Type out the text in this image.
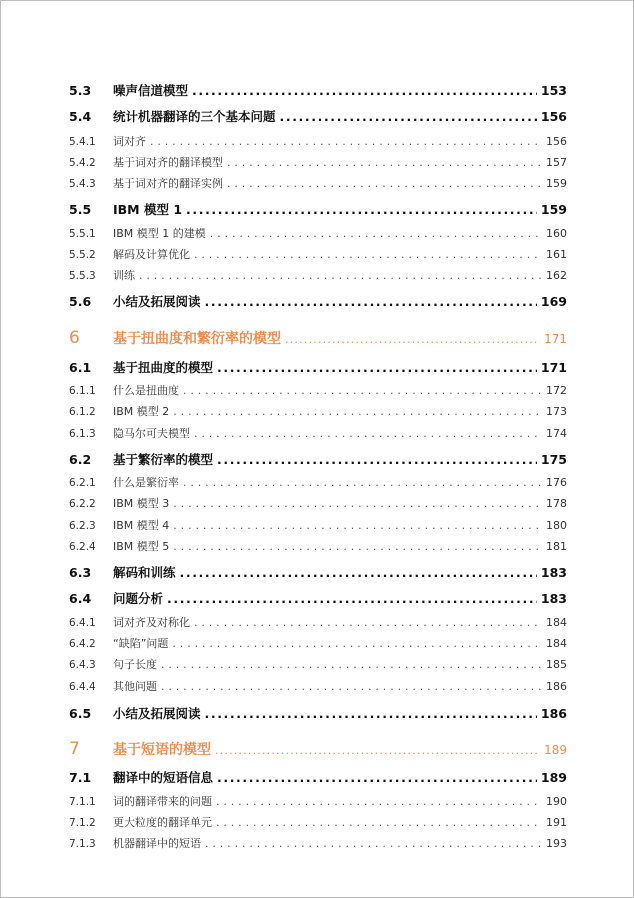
5.3	噪声信道模型 .....	153
5.4	统计机器翻译的三个基本问题 .....	156
5.4.1	词对齐 . . .	156
5.4.2	基于词对齐的翻译模型 . . .	157
5.4.3	基于词对齐的翻译实例 . . .	159
5.5	IBM 模型 1 .....	159
5.5.1	IBM 模型 1 的建模 . . .	160
5.5.2	解码及计算优化 . . .	161
5.5.3	训练 . . .	162
5.6	小结及拓展阅读 .....	169
6	基于扭曲度和繁衍率的模型 .....	171
6.1	基于扭曲度的模型 .....	171
6.1.1	什么是扭曲度 . . .	172
6.1.2	IBM 模型 2 . . .	173
6.1.3	隐马尔可夫模型 . . .	174
6.2	基于繁衍率的模型 .....	175
6.2.1	什么是繁衍率 . . .	176
6.2.2	IBM 模型 3 . . .	178
6.2.3	IBM 模型 4 . . .	180
6.2.4	IBM 模型 5 . . .	181
6.3	解码和训练 .....	183
6.4	问题分析 .....	183
6.4.1	词对齐及对称化 . . .	184
6.4.2	“缺陷”问题 . . .	184
6.4.3	句子长度 . . .	185
6.4.4	其他问题 . . .	186
6.5	小结及拓展阅读 .....	186
7	基于短语的模型 .....	189
7.1	翻译中的短语信息 .....	189
7.1.1	词的翻译带来的问题 . . .	190
7.1.2	更大粒度的翻译单元 . . .	191
7.1.3	机器翻译中的短语 . . .	193
